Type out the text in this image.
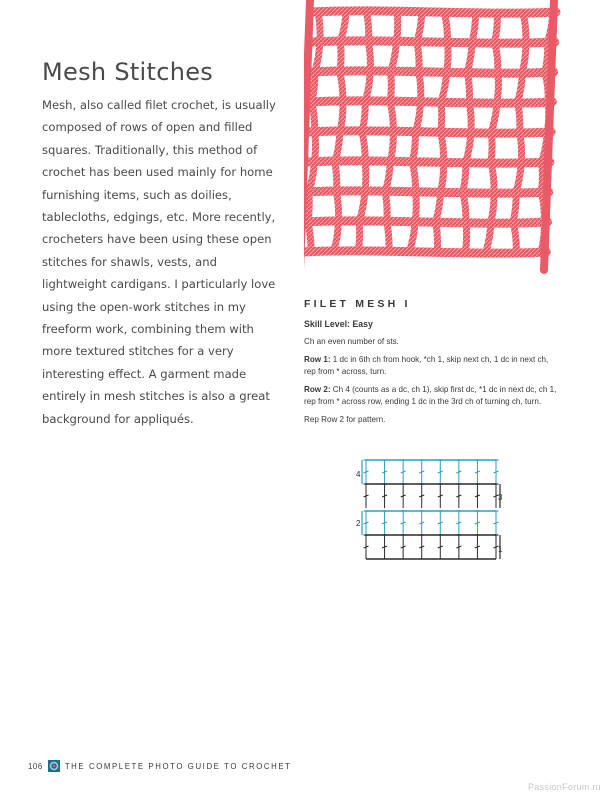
Mesh Stitches
Mesh, also called filet crochet, is usually composed of rows of open and filled squares. Traditionally, this method of crochet has been used mainly for home furnishing items, such as doilies, tablecloths, edgings, etc. More recently, crocheters have been using these open stitches for shawls, vests, and lightweight cardigans. I particularly love using the open-work stitches in my freeform work, combining them with more textured stitches for a very interesting effect. A garment made entirely in mesh stitches is also a great background for appliqués.
FILET MESH I
Skill Level: Easy

Ch an even number of sts.

Row 1: 1 dc in 6th ch from hook, *ch 1, skip next ch, 1 dc in next ch, rep from * across, turn.

Row 2: Ch 4 (counts as a dc, ch 1), skip first dc, *1 dc in next dc, ch 1, rep from * across row, ending 1 dc in the 3rd ch of turning ch, turn.

Rep Row 2 for pattern.

4
3
2
1
106	THE COMPLETE PHOTO GUIDE TO CROCHET
PassionForum.ru
